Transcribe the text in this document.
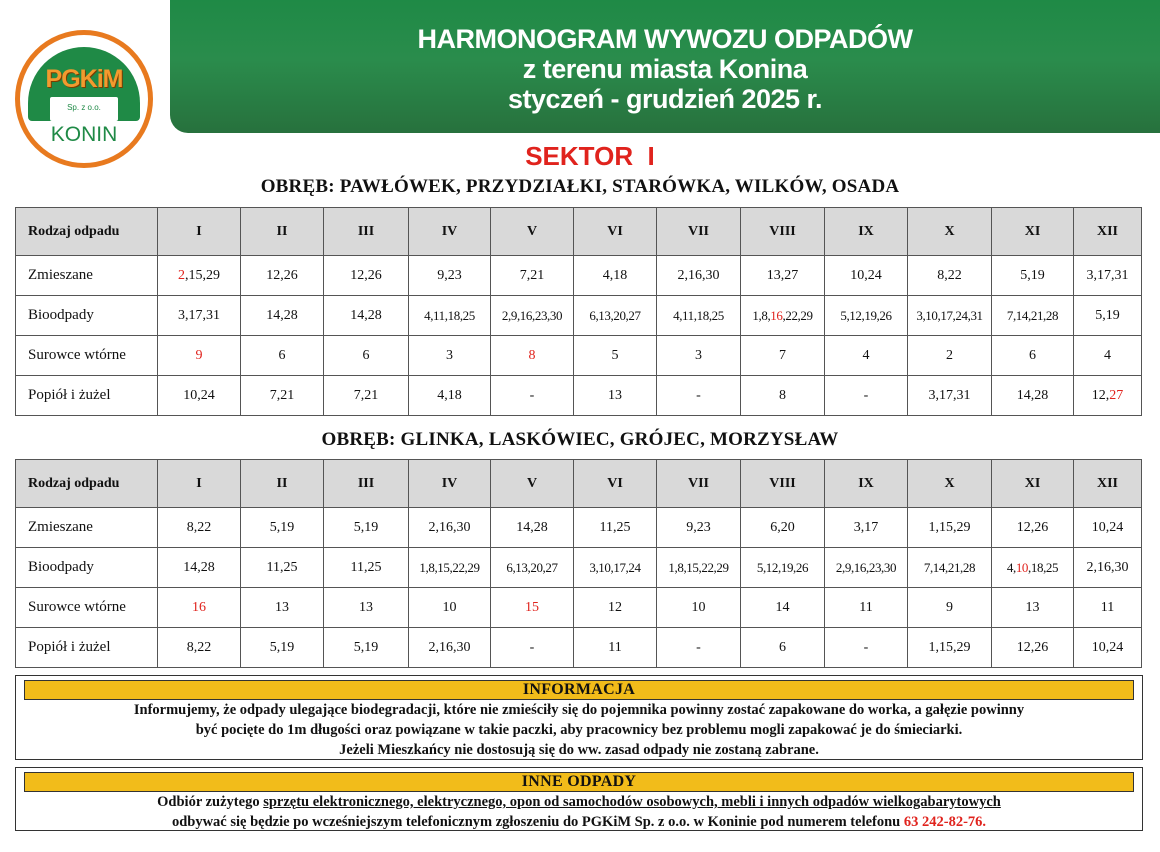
HARMONOGRAM WYWOZU ODPADÓW
z terenu miasta Konina
styczeń - grudzień 2025 r.
PGKiM
Sp. z o.o.
KONIN
SEKTOR  I
OBRĘB: PAWŁÓWEK, PRZYDZIAŁKI, STARÓWKA, WILKÓW, OSADA
Rodzaj odpadu	I	II	III	IV	V	VI	VII	VIII	IX	X	XI	XII
Zmieszane	2,15,29	12,26	12,26	9,23	7,21	4,18	2,16,30	13,27	10,24	8,22	5,19	3,17,31
Bioodpady	3,17,31	14,28	14,28	4,11,18,25	2,9,16,23,30	6,13,20,27	4,11,18,25	1,8,16,22,29	5,12,19,26	3,10,17,24,31	7,14,21,28	5,19
Surowce wtórne	9	6	6	3	8	5	3	7	4	2	6	4
Popiół i żużel	10,24	7,21	7,21	4,18	-	13	-	8	-	3,17,31	14,28	12,27
OBRĘB: GLINKA, LASKÓWIEC, GRÓJEC, MORZYSŁAW
Rodzaj odpadu	I	II	III	IV	V	VI	VII	VIII	IX	X	XI	XII
Zmieszane	8,22	5,19	5,19	2,16,30	14,28	11,25	9,23	6,20	3,17	1,15,29	12,26	10,24
Bioodpady	14,28	11,25	11,25	1,8,15,22,29	6,13,20,27	3,10,17,24	1,8,15,22,29	5,12,19,26	2,9,16,23,30	7,14,21,28	4,10,18,25	2,16,30
Surowce wtórne	16	13	13	10	15	12	10	14	11	9	13	11
Popiół i żużel	8,22	5,19	5,19	2,16,30	-	11	-	6	-	1,15,29	12,26	10,24
INFORMACJA
Informujemy, że odpady ulegające biodegradacji, które nie zmieściły się do pojemnika powinny zostać zapakowane do worka, a gałęzie powinny
być pocięte do 1m długości oraz powiązane w takie paczki, aby pracownicy bez problemu mogli zapakować je do śmieciarki.
Jeżeli Mieszkańcy nie dostosują się do ww. zasad odpady nie zostaną zabrane.
INNE ODPADY
Odbiór zużytego sprzętu elektronicznego, elektrycznego, opon od samochodów osobowych, mebli i innych odpadów wielkogabarytowych
odbywać się będzie po wcześniejszym telefonicznym zgłoszeniu do PGKiM Sp. z o.o. w Koninie pod numerem telefonu 63 242-82-76.
